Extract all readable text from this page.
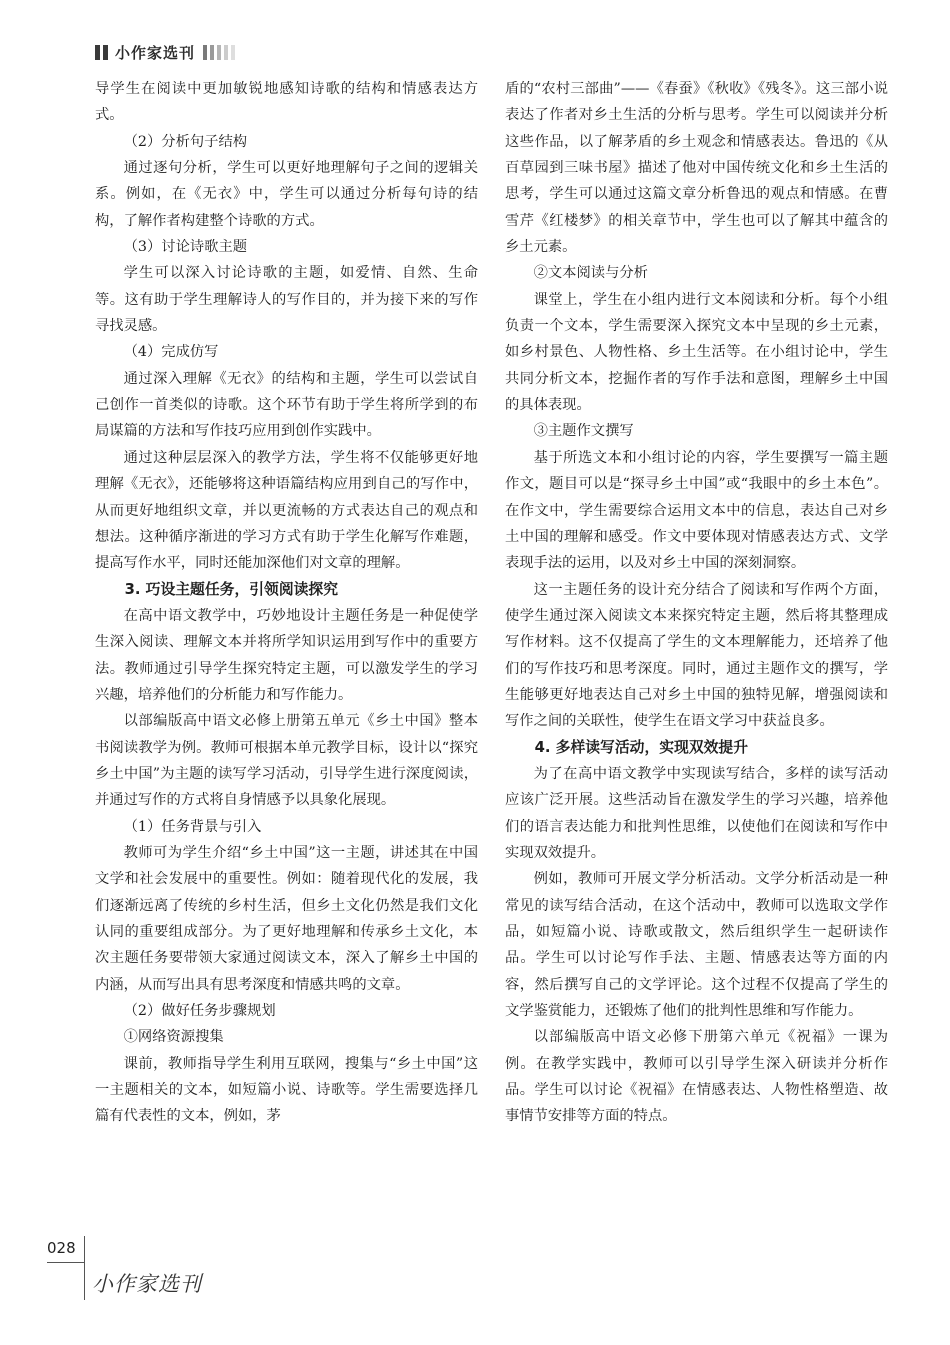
小作家选刊

导学生在阅读中更加敏锐地感知诗歌的结构和情感表达方式。

（2）分析句子结构

通过逐句分析，学生可以更好地理解句子之间的逻辑关系。例如，在《无衣》中，学生可以通过分析每句诗的结构，了解作者构建整个诗歌的方式。

（3）讨论诗歌主题

学生可以深入讨论诗歌的主题，如爱情、自然、生命等。这有助于学生理解诗人的写作目的，并为接下来的写作寻找灵感。

（4）完成仿写

通过深入理解《无衣》的结构和主题，学生可以尝试自己创作一首类似的诗歌。这个环节有助于学生将所学到的布局谋篇的方法和写作技巧应用到创作实践中。

通过这种层层深入的教学方法，学生将不仅能够更好地理解《无衣》，还能够将这种语篇结构应用到自己的写作中，从而更好地组织文章，并以更流畅的方式表达自己的观点和想法。这种循序渐进的学习方式有助于学生化解写作难题，提高写作水平，同时还能加深他们对文章的理解。

3. 巧设主题任务，引领阅读探究

在高中语文教学中，巧妙地设计主题任务是一种促使学生深入阅读、理解文本并将所学知识运用到写作中的重要方法。教师通过引导学生探究特定主题，可以激发学生的学习兴趣，培养他们的分析能力和写作能力。

以部编版高中语文必修上册第五单元《乡土中国》整本书阅读教学为例。教师可根据本单元教学目标，设计以“探究乡土中国”为主题的读写学习活动，引导学生进行深度阅读，并通过写作的方式将自身情感予以具象化展现。

（1）任务背景与引入

教师可为学生介绍“乡土中国”这一主题，讲述其在中国文学和社会发展中的重要性。例如：随着现代化的发展，我们逐渐远离了传统的乡村生活，但乡土文化仍然是我们文化认同的重要组成部分。为了更好地理解和传承乡土文化，本次主题任务要带领大家通过阅读文本，深入了解乡土中国的内涵，从而写出具有思考深度和情感共鸣的文章。

（2）做好任务步骤规划

①网络资源搜集

课前，教师指导学生利用互联网，搜集与“乡土中国”这一主题相关的文本，如短篇小说、诗歌等。学生需要选择几篇有代表性的文本，例如，茅

盾的“农村三部曲”——《春蚕》《秋收》《残冬》。这三部小说表达了作者对乡土生活的分析与思考。学生可以阅读并分析这些作品，以了解茅盾的乡土观念和情感表达。鲁迅的《从百草园到三味书屋》描述了他对中国传统文化和乡土生活的思考，学生可以通过这篇文章分析鲁迅的观点和情感。在曹雪芹《红楼梦》的相关章节中，学生也可以了解其中蕴含的乡土元素。

②文本阅读与分析

课堂上，学生在小组内进行文本阅读和分析。每个小组负责一个文本，学生需要深入探究文本中呈现的乡土元素，如乡村景色、人物性格、乡土生活等。在小组讨论中，学生共同分析文本，挖掘作者的写作手法和意图，理解乡土中国的具体表现。

③主题作文撰写

基于所选文本和小组讨论的内容，学生要撰写一篇主题作文，题目可以是“探寻乡土中国”或“我眼中的乡土本色”。在作文中，学生需要综合运用文本中的信息，表达自己对乡土中国的理解和感受。作文中要体现对情感表达方式、文学表现手法的运用，以及对乡土中国的深刻洞察。

这一主题任务的设计充分结合了阅读和写作两个方面，使学生通过深入阅读文本来探究特定主题，然后将其整理成写作材料。这不仅提高了学生的文本理解能力，还培养了他们的写作技巧和思考深度。同时，通过主题作文的撰写，学生能够更好地表达自己对乡土中国的独特见解，增强阅读和写作之间的关联性，使学生在语文学习中获益良多。

4. 多样读写活动，实现双效提升

为了在高中语文教学中实现读写结合，多样的读写活动应该广泛开展。这些活动旨在激发学生的学习兴趣，培养他们的语言表达能力和批判性思维，以使他们在阅读和写作中实现双效提升。

例如，教师可开展文学分析活动。文学分析活动是一种常见的读写结合活动，在这个活动中，教师可以选取文学作品，如短篇小说、诗歌或散文，然后组织学生一起研读作品。学生可以讨论写作手法、主题、情感表达等方面的内容，然后撰写自己的文学评论。这个过程不仅提高了学生的文学鉴赏能力，还锻炼了他们的批判性思维和写作能力。

以部编版高中语文必修下册第六单元《祝福》一课为例。在教学实践中，教师可以引导学生深入研读并分析作品。学生可以讨论《祝福》在情感表达、人物性格塑造、故事情节安排等方面的特点。

028
小作家选刊
